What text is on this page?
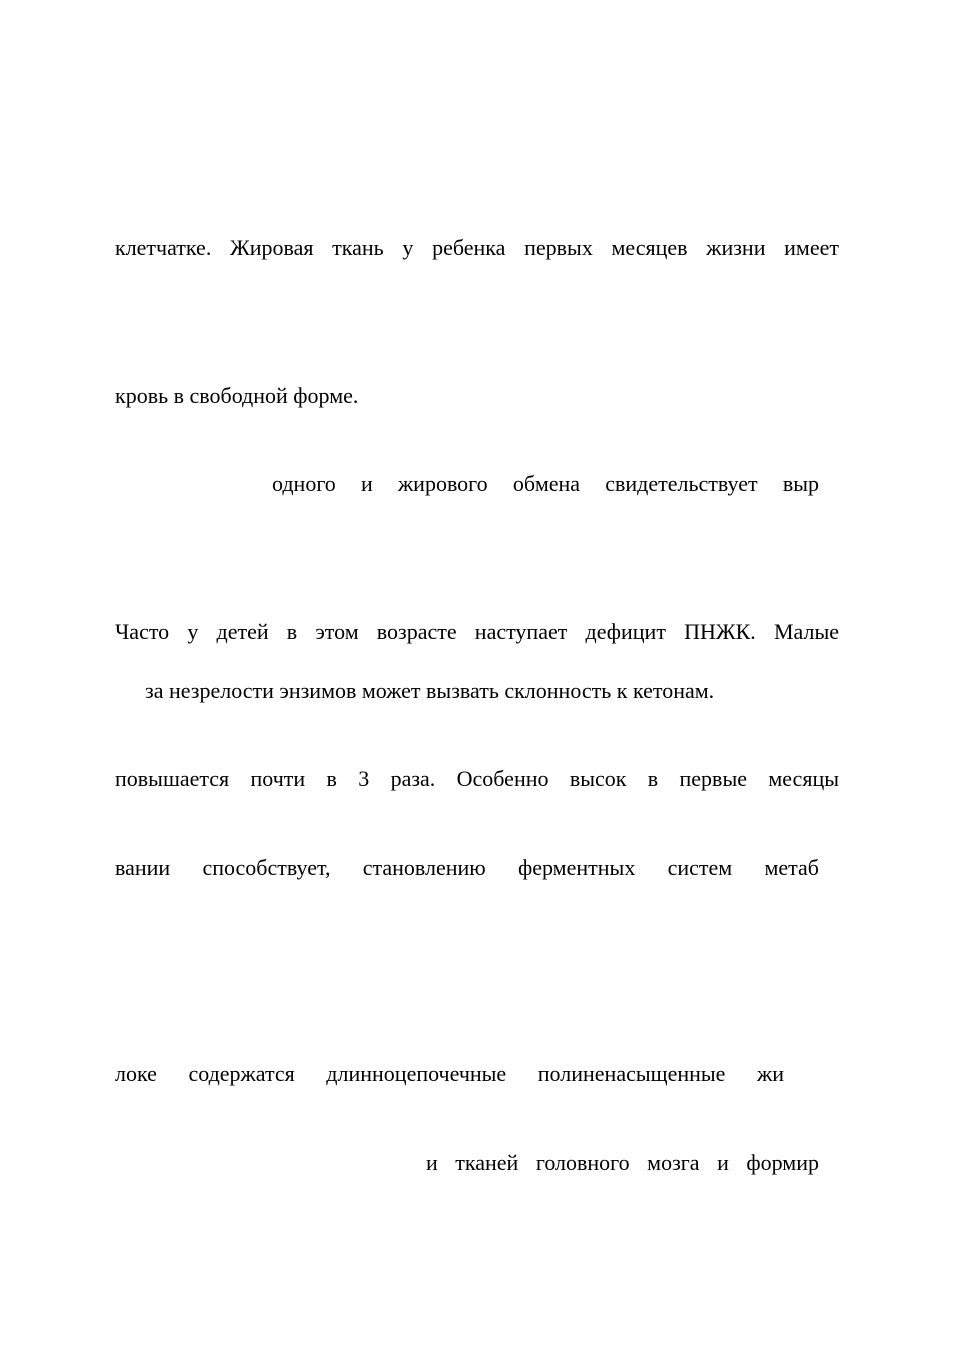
клетчатке. Жировая ткань у ребенка первых месяцев жизни имеет

кровь в свободной форме.

одного и жирового обмена свидетельствует выр

Часто у детей в этом возрасте наступает дефицит ПНЖК. Малые

за незрелости энзимов может вызвать склонность к кетонам.

повышается почти в 3 раза. Особенно высок в первые месяцы

вании способствует, становлению ферментных систем метаб

локе содержатся длинноцепочечные полиненасыщенные жи

и тканей головного мозга и формир
